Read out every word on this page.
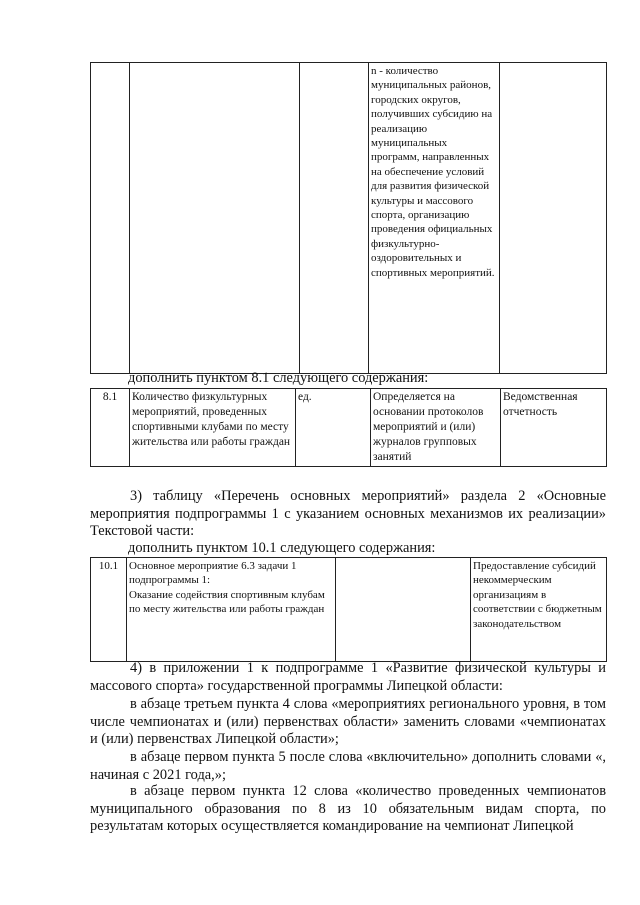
			n - количество муниципальных районов, городских округов, получивших субсидию на реализацию муниципальных программ, направленных на обеспечение условий для развития физической культуры и массового спорта, организацию проведения официальных физкультурно-оздоровительных и спортивных мероприятий.	
дополнить пунктом 8.1 следующего содержания:
8.1	Количество физкультурных мероприятий, проведенных спортивными клубами по месту жительства или работы граждан	ед.	Определяется на основании протоколов мероприятий и (или) журналов групповых занятий	Ведомственная отчетность
3) таблицу «Перечень основных мероприятий» раздела 2 «Основные мероприятия подпрограммы 1 с указанием основных механизмов их реализации» Текстовой части:
дополнить пунктом 10.1 следующего содержания:
10.1	Основное мероприятие 6.3 задачи 1 подпрограммы 1:
Оказание содействия спортивным клубам по месту жительства или работы граждан		Предоставление субсидий некоммерческим организациям в соответствии с бюджетным законодательством
4) в приложении 1 к подпрограмме 1 «Развитие физической культуры и массового спорта» государственной программы Липецкой области:
в абзаце третьем пункта 4 слова «мероприятиях регионального уровня, в том числе чемпионатах и (или) первенствах области» заменить словами «чемпионатах и (или) первенствах Липецкой области»;
в абзаце первом пункта 5 после слова «включительно» дополнить словами «, начиная с 2021 года,»;
в абзаце первом пункта 12 слова «количество проведенных чемпионатов муниципального образования по 8 из 10 обязательным видам спорта, по результатам которых осуществляется командирование на чемпионат Липецкой
